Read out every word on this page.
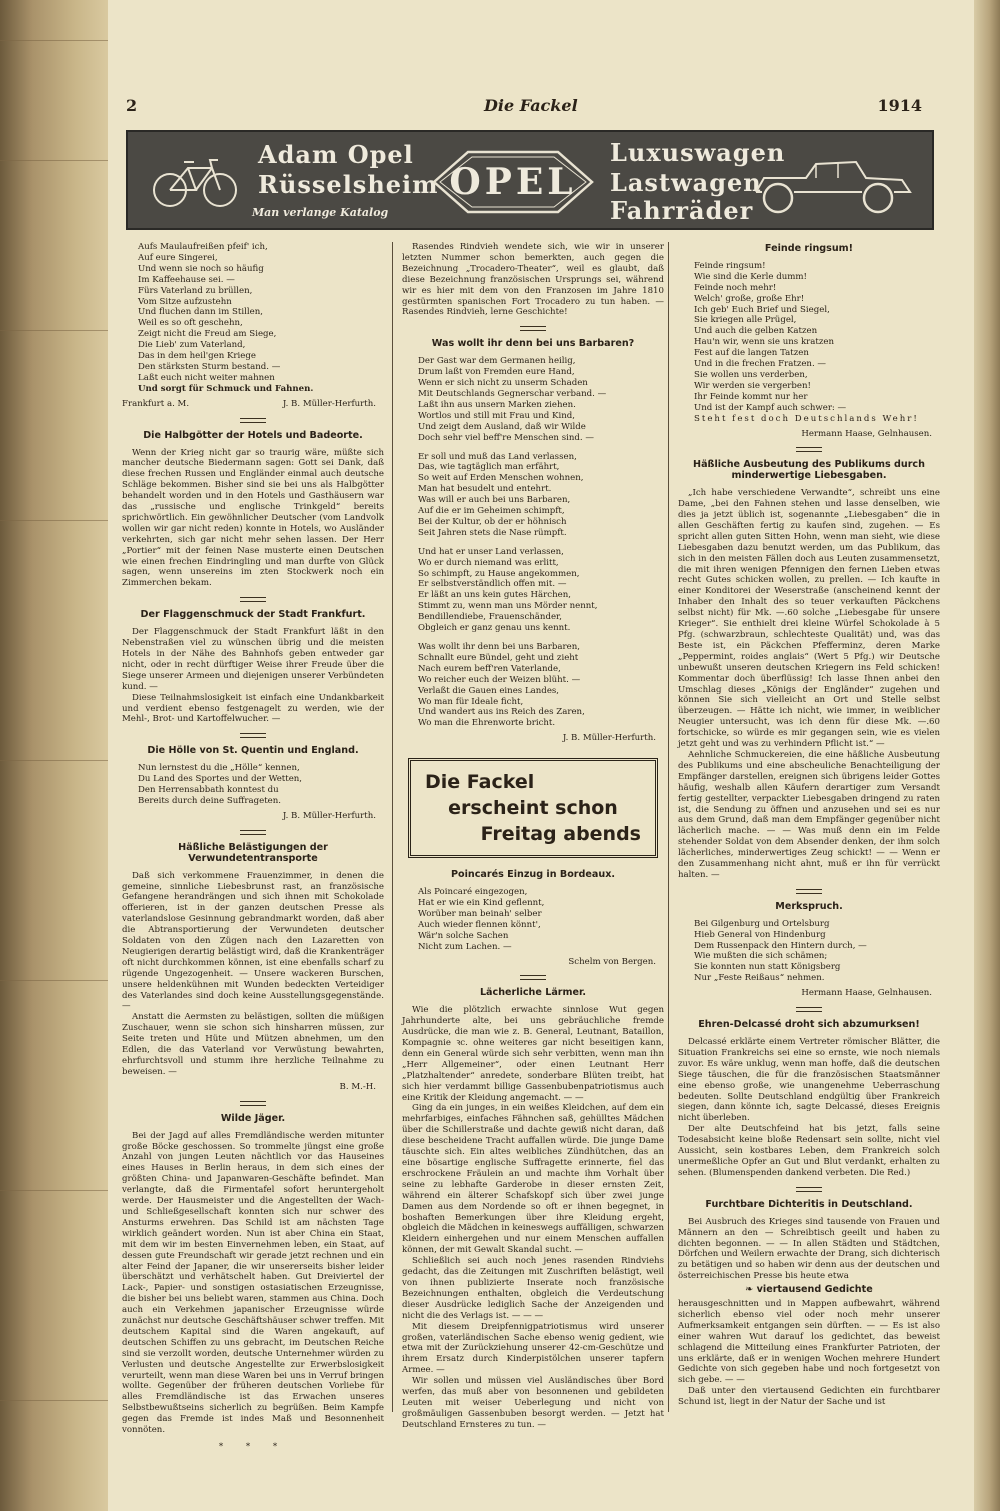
2	Die Fackel	1914
Adam Opel
Rüsselsheim
Man verlange Katalog
OPEL
Luxuswagen
Lastwagen
Fahrräder
Aufs Maulaufreißen pfeif' ich,
Auf eure Singerei,
Und wenn sie noch so häufig
Im Kaffeehause sei. —
Fürs Vaterland zu brüllen,
Vom Sitze aufzustehn
Und fluchen dann im Stillen,
Weil es so oft geschehn,
Zeigt nicht die Freud am Siege,
Die Lieb' zum Vaterland,
Das in dem heil'gen Kriege
Den stärksten Sturm bestand. —
Laßt euch nicht weiter mahnen
Und sorgt für Schmuck und Fahnen.
Frankfurt a. M.	J. B. Müller-Herfurth.
Die Halbgötter der Hotels und Badeorte.

Wenn der Krieg nicht gar so traurig wäre, müßte sich mancher deutsche Biedermann sagen: Gott sei Dank, daß diese frechen Russen und Engländer einmal auch deutsche Schläge bekommen. Bisher sind sie bei uns als Halbgötter behandelt worden und in den Hotels und Gasthäusern war das „russische und englische Trinkgeld“ bereits sprichwörtlich. Ein gewöhnlicher Deutscher (vom Landvolk wollen wir gar nicht reden) konnte in Hotels, wo Ausländer verkehrten, sich gar nicht mehr sehen lassen. Der Herr „Portier“ mit der feinen Nase musterte einen Deutschen wie einen frechen Eindringling und man durfte von Glück sagen, wenn unsereins im zten Stockwerk noch ein Zimmerchen bekam.

Der Flaggenschmuck der Stadt Frankfurt.

Der Flaggenschmuck der Stadt Frankfurt läßt in den Nebenstraßen viel zu wünschen übrig und die meisten Hotels in der Nähe des Bahnhofs geben entweder gar nicht, oder in recht dürftiger Weise ihrer Freude über die Siege unserer Armeen und diejenigen unserer Verbündeten kund. —

Diese Teilnahmslosigkeit ist einfach eine Undankbarkeit und verdient ebenso festgenagelt zu werden, wie der Mehl-, Brot- und Kartoffelwucher. —

Die Hölle von St. Quentin und England.
Nun lernstest du die „Hölle“ kennen,
Du Land des Sportes und der Wetten,
Den Herrensabbath konntest du
Bereits durch deine Suffrageten.
J. B. Müller-Herfurth.
Häßliche Belästigungen der Verwundetentransporte

Daß sich verkommene Frauenzimmer, in denen die gemeine, sinnliche Liebesbrunst rast, an französische Gefangene herandrängen und sich ihnen mit Schokolade offerieren, ist in der ganzen deutschen Presse als vaterlandslose Gesinnung gebrandmarkt worden, daß aber die Abtransportierung der Verwundeten deutscher Soldaten von den Zügen nach den Lazaretten von Neugierigen derartig belästigt wird, daß die Krankenträger oft nicht durchkommen können, ist eine ebenfalls scharf zu rügende Ungezogenheit. — Unsere wackeren Burschen, unsere heldenkühnen mit Wunden bedeckten Verteidiger des Vaterlandes sind doch keine Ausstellungsgegenstände. —

Anstatt die Aermsten zu belästigen, sollten die müßigen Zuschauer, wenn sie schon sich hinsharren müssen, zur Seite treten und Hüte und Mützen abnehmen, um den Edlen, die das Vaterland vor Verwüstung bewahrten, ehrfurchtsvoll und stumm ihre herzliche Teilnahme zu beweisen. —

B. M.-H.
Wilde Jäger.

Bei der Jagd auf alles Fremdländische werden mitunter große Böcke geschossen. So trommelte jüngst eine große Anzahl von jungen Leuten nächtlich vor das Hauseines eines Hauses in Berlin heraus, in dem sich eines der größten China- und Japanwaren-Geschäfte befindet. Man verlangte, daß die Firmentafel sofort heruntergeholt werde. Der Hausmeister und die Angestellten der Wach- und Schließgesellschaft konnten sich nur schwer des Ansturms erwehren. Das Schild ist am nächsten Tage wirklich geändert worden. Nun ist aber China ein Staat, mit dem wir im besten Einvernehmen leben, ein Staat, auf dessen gute Freundschaft wir gerade jetzt rechnen und ein alter Feind der Japaner, die wir unsererseits bisher leider überschätzt und verhätschelt haben. Gut Dreiviertel der Lack-, Papier- und sonstigen ostasiatischen Erzeugnisse, die bisher bei uns beliebt waren, stammen aus China. Doch auch ein Verkehmen japanischer Erzeugnisse würde zunächst nur deutsche Geschäftshäuser schwer treffen. Mit deutschem Kapital sind die Waren angekauft, auf deutschen Schiffen zu uns gebracht, im Deutschen Reiche sind sie verzollt worden, deutsche Unternehmer würden zu Verlusten und deutsche Angestellte zur Erwerbslosigkeit verurteilt, wenn man diese Waren bei uns in Verruf bringen wollte. Gegenüber der früheren deutschen Vorliebe für alles Fremdländische ist das Erwachen unseres Selbstbewußtseins sicherlich zu begrüßen. Beim Kampfe gegen das Fremde ist indes Maß und Besonnenheit vonnöten.

* * *

Rasendes Rindvieh wendete sich, wie wir in unserer letzten Nummer schon bemerkten, auch gegen die Bezeichnung „Trocadero-Theater“, weil es glaubt, daß diese Bezeichnung französischen Ursprungs sei, während wir es hier mit dem von den Franzosen im Jahre 1810 gestürmten spanischen Fort Trocadero zu tun haben. — Rasendes Rindvieh, lerne Geschichte!

Was wollt ihr denn bei uns Barbaren?
Der Gast war dem Germanen heilig,
Drum laßt von Fremden eure Hand,
Wenn er sich nicht zu unserm Schaden
Mit Deutschlands Gegnerschar verband. —
Laßt ihn aus unsern Marken ziehen.
Wortlos und still mit Frau und Kind,
Und zeigt dem Ausland, daß wir Wilde
Doch sehr viel beff're Menschen sind. —
Er soll und muß das Land verlassen,
Das, wie tagtäglich man erfährt,
So weit auf Erden Menschen wohnen,
Man hat besudelt und entehrt.
Was will er auch bei uns Barbaren,
Auf die er im Geheimen schimpft,
Bei der Kultur, ob der er höhnisch
Seit Jahren stets die Nase rümpft.
Und hat er unser Land verlassen,
Wo er durch niemand was erlitt,
So schimpft, zu Hause angekommen,
Er selbstverständlich offen mit. —
Er läßt an uns kein gutes Härchen,
Stimmt zu, wenn man uns Mörder nennt,
Bendillendiebe, Frauenschänder,
Obgleich er ganz genau uns kennt.
Was wollt ihr denn bei uns Barbaren,
Schnallt eure Bündel, geht und zieht
Nach eurem beff'ren Vaterlande,
Wo reicher euch der Weizen blüht. —
Verlaßt die Gauen eines Landes,
Wo man für Ideale ficht,
Und wandert aus ins Reich des Zaren,
Wo man die Ehrenworte bricht.
J. B. Müller-Herfurth.
Die Fackel
erscheint schon
Freitag abends
Poincarés Einzug in Bordeaux.
Als Poincaré eingezogen,
Hat er wie ein Kind geflennt,
Worüber man beinah' selber
Auch wieder flennen könnt',
Wär'n solche Sachen
Nicht zum Lachen. —
Schelm von Bergen.
Lächerliche Lärmer.

Wie die plötzlich erwachte sinnlose Wut gegen Jahrhunderte alte, bei uns gebräuchliche fremde Ausdrücke, die man wie z. B. General, Leutnant, Bataillon, Kompagnie ꝛc. ohne weiteres gar nicht beseitigen kann, denn ein General würde sich sehr verbitten, wenn man ihn „Herr Allgemeiner“, oder einen Leutnant Herr „Platzhaltender“ anredete, sonderbare Blüten treibt, hat sich hier verdammt billige Gassenbubenpatriotismus auch eine Kritik der Kleidung angemacht. — —

Ging da ein junges, in ein weißes Kleidchen, auf dem ein mehrfarbiges, einfaches Fähnchen saß, gehülltes Mädchen über die Schillerstraße und dachte gewiß nicht daran, daß diese bescheidene Tracht auffallen würde. Die junge Dame täuschte sich. Ein altes weibliches Zündhütchen, das an eine bösartige englische Suffragette erinnerte, fiel das erschrockene Fräulein an und machte ihm Vorhalt über seine zu lebhafte Garderobe in dieser ernsten Zeit, während ein älterer Schafskopf sich über zwei junge Damen aus dem Nordende so oft er ihnen begegnet, in boshaften Bemerkungen über ihre Kleidung ergeht, obgleich die Mädchen in keineswegs auffälligen, schwarzen Kleidern einhergehen und nur einem Menschen auffallen können, der mit Gewalt Skandal sucht. —

Schließlich sei auch noch jenes rasenden Rindviehs gedacht, das die Zeitungen mit Zuschriften belästigt, weil von ihnen publizierte Inserate noch französische Bezeichnungen enthalten, obgleich die Verdeutschung dieser Ausdrücke lediglich Sache der Anzeigenden und nicht die des Verlags ist. — — —

Mit diesem Dreipfennigpatriotismus wird unserer großen, vaterländischen Sache ebenso wenig gedient, wie etwa mit der Zurückziehung unserer 42-cm-Geschütze und ihrem Ersatz durch Kinderpistölchen unserer tapfern Armee. —

Wir sollen und müssen viel Ausländisches über Bord werfen, das muß aber von besonnenen und gebildeten Leuten mit weiser Ueberlegung und nicht von großmäuligen Gassenbuben besorgt werden. — Jetzt hat Deutschland Ernsteres zu tun. —

Feinde ringsum!
Feinde ringsum!
Wie sind die Kerle dumm!
Feinde noch mehr!
Welch' große, große Ehr!
Ich geb' Euch Brief und Siegel,
Sie kriegen alle Prügel,
Und auch die gelben Katzen
Hau'n wir, wenn sie uns kratzen
Fest auf die langen Tatzen
Und in die frechen Fratzen. —
Sie wollen uns verderben,
Wir werden sie vergerben!
Ihr Feinde kommt nur her
Und ist der Kampf auch schwer: —
Steht fest doch Deutschlands Wehr!
Hermann Haase, Gelnhausen.
Häßliche Ausbeutung des Publikums durch minderwertige Liebesgaben.

„Ich habe verschiedene Verwandte“, schreibt uns eine Dame, „bei den Fahnen stehen und lasse denselben, wie dies ja jetzt üblich ist, sogenannte „Liebesgaben“ die in allen Geschäften fertig zu kaufen sind, zugehen. — Es spricht allen guten Sitten Hohn, wenn man sieht, wie diese Liebesgaben dazu benutzt werden, um das Publikum, das sich in den meisten Fällen doch aus Leuten zusammensetzt, die mit ihren wenigen Pfennigen den fernen Lieben etwas recht Gutes schicken wollen, zu prellen. — Ich kaufte in einer Konditorei der Weserstraße (anscheinend kennt der Inhaber den Inhalt des so teuer verkauften Päckchens selbst nicht) für Mk. —.60 solche „Liebesgabe für unsere Krieger“. Sie enthielt drei kleine Würfel Schokolade à 5 Pfg. (schwarzbraun, schlechteste Qualität) und, was das Beste ist, ein Päckchen Pfefferminz, deren Marke „Peppermint, roides anglais“ (Wert 5 Pfg.) wir Deutsche unbewußt unseren deutschen Kriegern ins Feld schicken! Kommentar doch überflüssig! Ich lasse Ihnen anbei den Umschlag dieses „Königs der Engländer“ zugehen und können Sie sich vielleicht an Ort und Stelle selbst überzeugen. — Hätte ich nicht, wie immer, in weiblicher Neugier untersucht, was ich denn für diese Mk. —.60 fortschicke, so würde es mir gegangen sein, wie es vielen jetzt geht und was zu verhindern Pflicht ist.“ —

Aehnliche Schmuckereien, die eine häßliche Ausbeutung des Publikums und eine abscheuliche Benachteiligung der Empfänger darstellen, ereignen sich übrigens leider Gottes häufig, weshalb allen Käufern derartiger zum Versandt fertig gestellter, verpackter Liebesgaben dringend zu raten ist, die Sendung zu öffnen und anzusehen und sei es nur aus dem Grund, daß man dem Empfänger gegenüber nicht lächerlich mache. — — Was muß denn ein im Felde stehender Soldat von dem Absender denken, der ihm solch lächerliches, minderwertiges Zeug schickt! — — Wenn er den Zusammenhang nicht ahnt, muß er ihn für verrückt halten. —

Merkspruch.
Bei Gilgenburg und Ortelsburg
Hieb General von Hindenburg
Dem Russenpack den Hintern durch, —
Wie mußten die sich schämen;
Sie konnten nun statt Königsberg
Nur „Feste Reißaus“ nehmen.
Hermann Haase, Gelnhausen.
Ehren-Delcassé droht sich abzumurksen!

Delcassé erklärte einem Vertreter römischer Blätter, die Situation Frankreichs sei eine so ernste, wie noch niemals zuvor. Es wäre unklug, wenn man hoffe, daß die deutschen Siege täuschen, die für die französischen Staatsmänner eine ebenso große, wie unangenehme Ueberraschung bedeuten. Sollte Deutschland endgültig über Frankreich siegen, dann könnte ich, sagte Delcassé, dieses Ereignis nicht überleben.

Der alte Deutschfeind hat bis jetzt, falls seine Todesabsicht keine bloße Redensart sein sollte, nicht viel Aussicht, sein kostbares Leben, dem Frankreich solch unermeßliche Opfer an Gut und Blut verdankt, erhalten zu sehen. (Blumenspenden dankend verbeten. Die Red.)

Furchtbare Dichteritis in Deutschland.

Bei Ausbruch des Krieges sind tausende von Frauen und Männern an den — Schreibtisch geeilt und haben zu dichten begonnen. — — In allen Städten und Städtchen, Dörfchen und Weilern erwachte der Drang, sich dichterisch zu betätigen und so haben wir denn aus der deutschen und österreichischen Presse bis heute etwa

❧ viertausend Gedichte

herausgeschnitten und in Mappen aufbewahrt, während sicherlich ebenso viel oder noch mehr unserer Aufmerksamkeit entgangen sein dürften. — — Es ist also einer wahren Wut darauf los gedichtet, das beweist schlagend die Mitteilung eines Frankfurter Patrioten, der uns erklärte, daß er in wenigen Wochen mehrere Hundert Gedichte von sich gegeben habe und noch fortgesetzt von sich gebe. — —

Daß unter den viertausend Gedichten ein furchtbarer Schund ist, liegt in der Natur der Sache und ist
